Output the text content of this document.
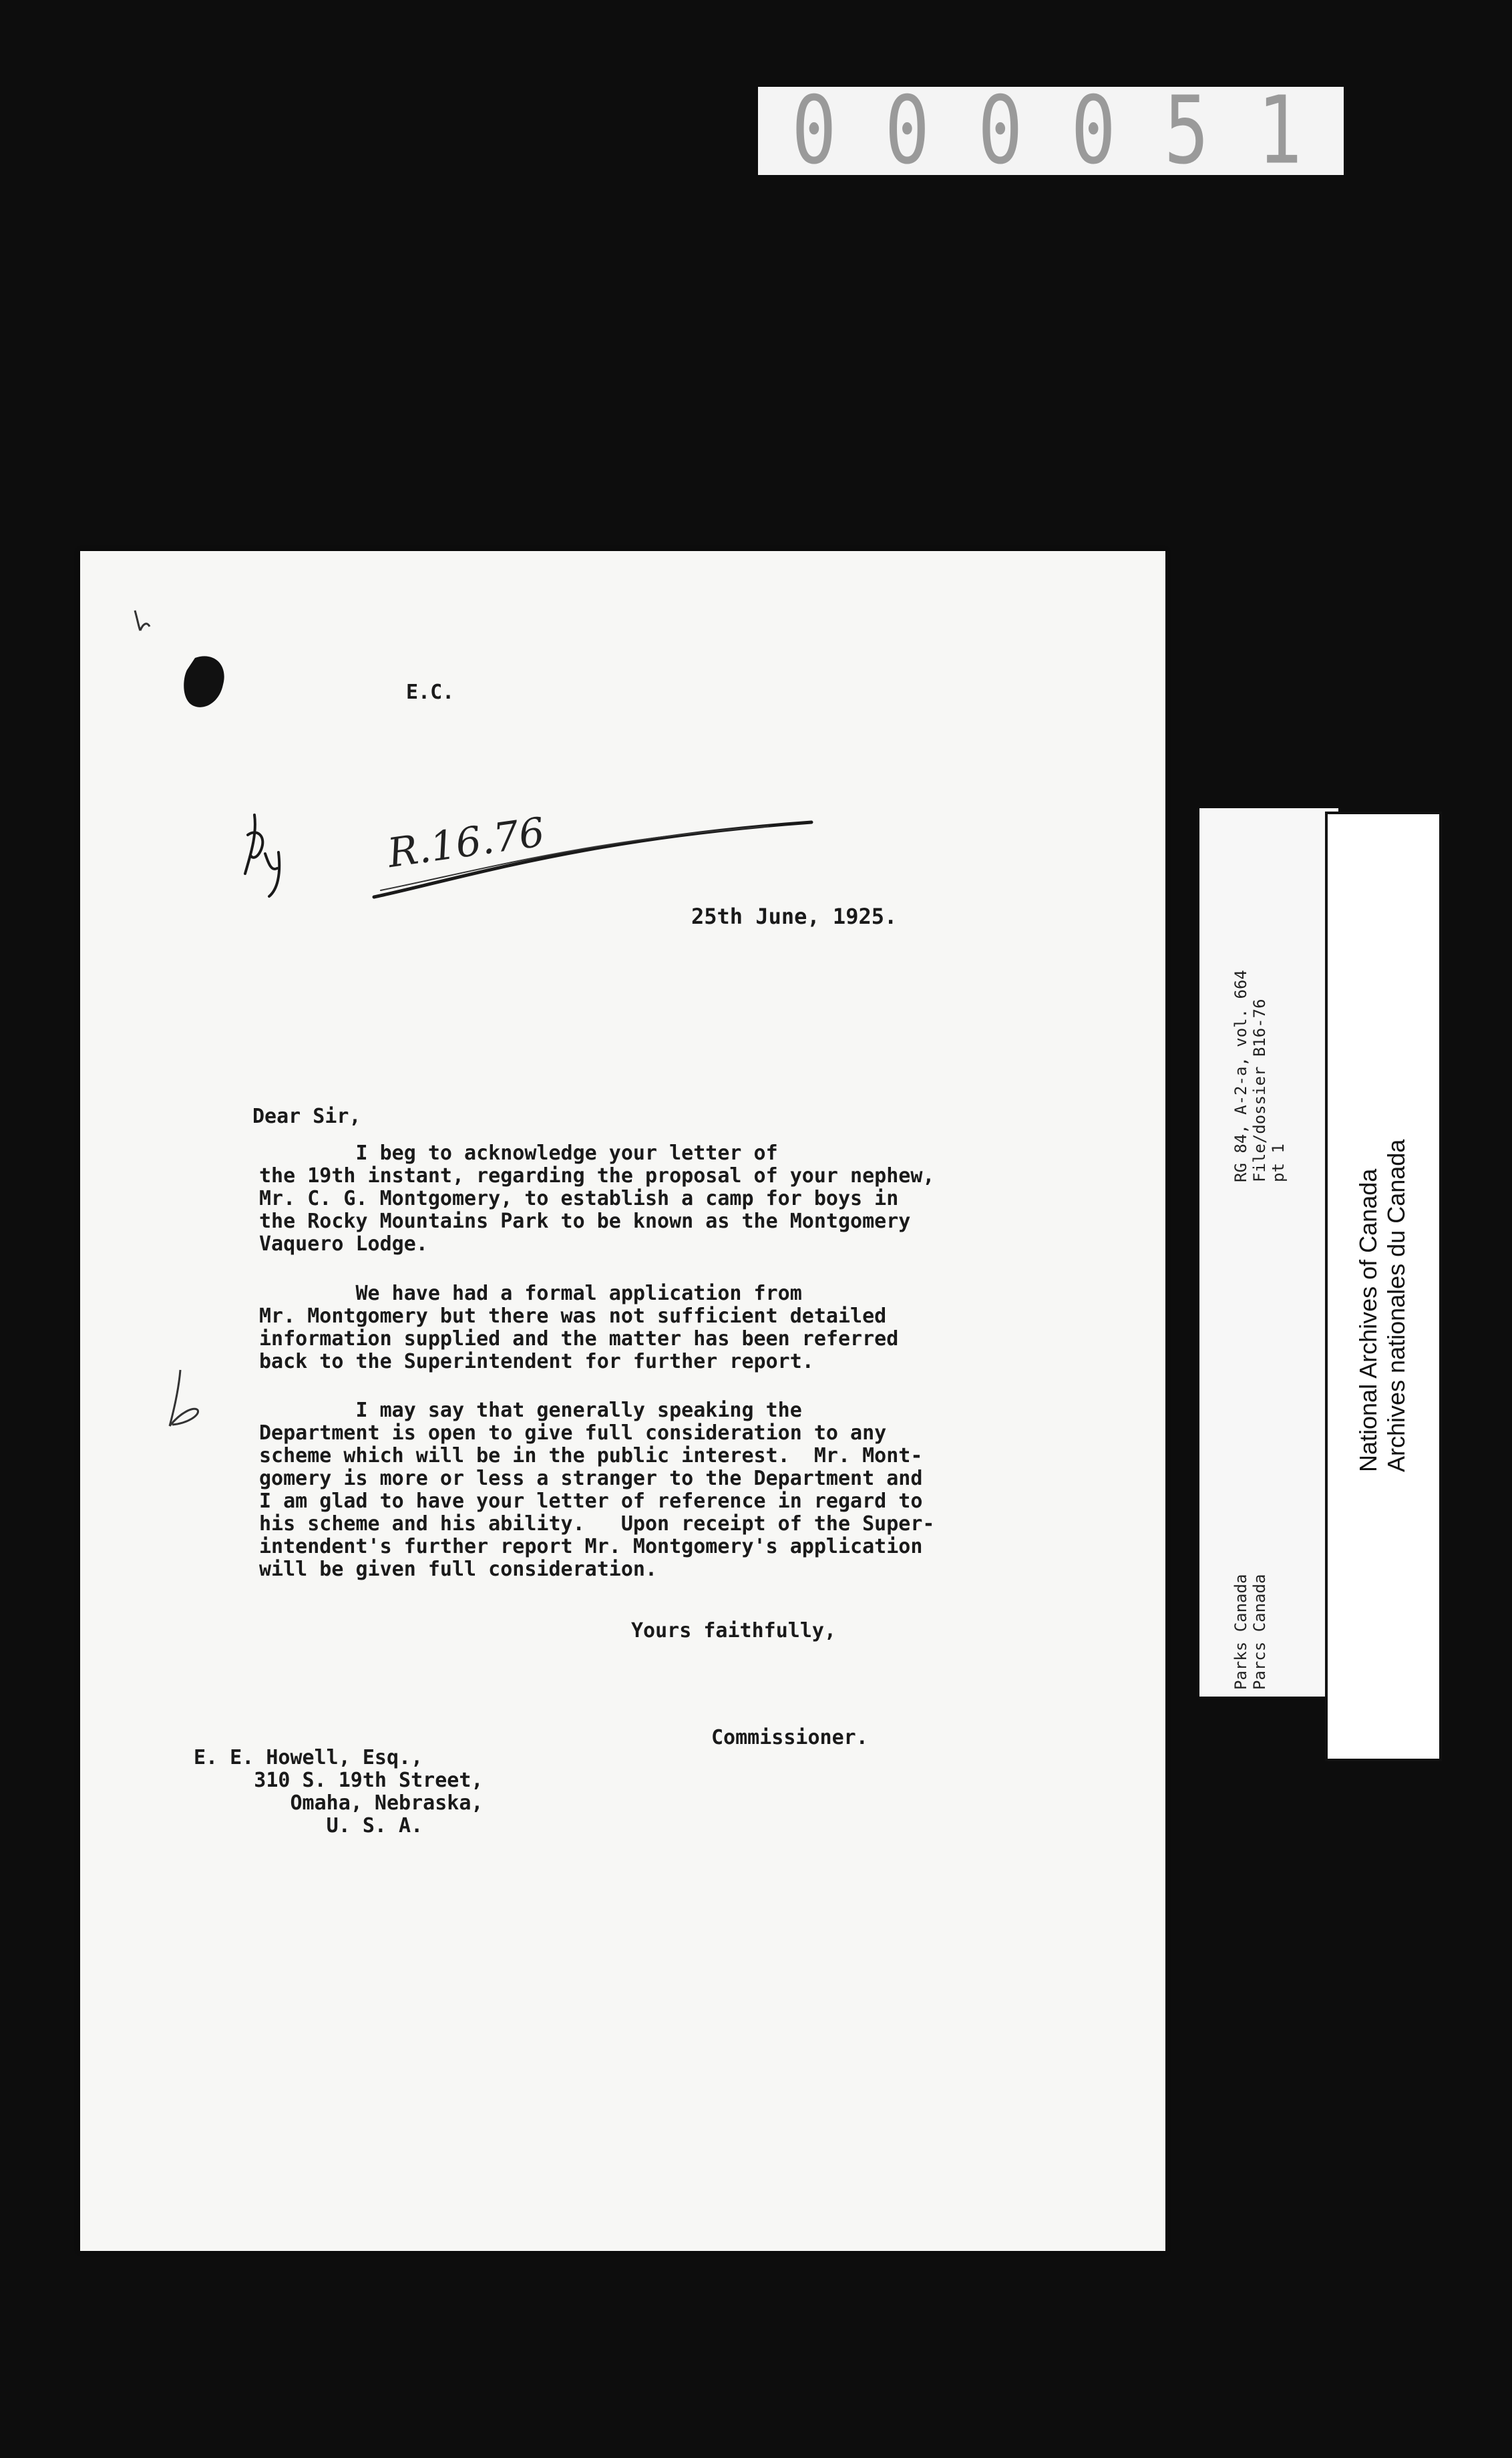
000051
E.C.
R.16.76
25th June, 1925.
Dear Sir,
I beg to acknowledge your letter of
the 19th instant, regarding the proposal of your nephew,
Mr. C. G. Montgomery, to establish a camp for boys in
the Rocky Mountains Park to be known as the Montgomery
Vaquero Lodge.
We have had a formal application from
Mr. Montgomery but there was not sufficient detailed
information supplied and the matter has been referred
back to the Superintendent for further report.
I may say that generally speaking the
Department is open to give full consideration to any
scheme which will be in the public interest.  Mr. Mont-
gomery is more or less a stranger to the Department and
I am glad to have your letter of reference in regard to
his scheme and his ability.   Upon receipt of the Super-
intendent's further report Mr. Montgomery's application
will be given full consideration.
Yours faithfully,
Commissioner.
E. E. Howell, Esq.,
310 S. 19th Street,
Omaha, Nebraska,
U. S. A.
RG 84, A-2-a, vol. 664 File/dossier B16-76 pt 1
Parks Canada Parcs Canada
National Archives of Canada Archives nationales du Canada
